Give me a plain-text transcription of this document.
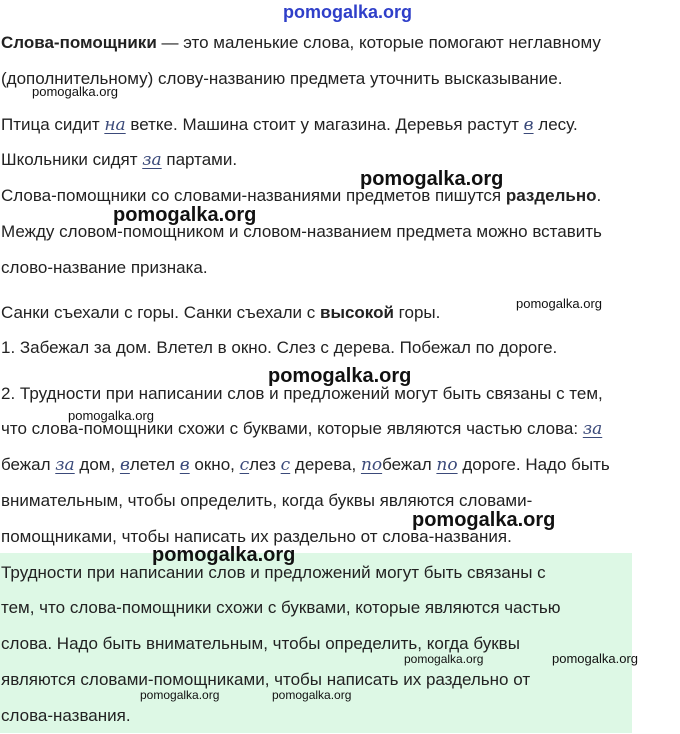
Слова-помощники — это маленькие слова, которые помогают неглавному

(дополнительному) слову-названию предмета уточнить высказывание.

Птица сидит на ветке. Машина стоит у магазина. Деревья растут в лесу.

Школьники сидят за партами.

Слова-помощники со словами-названиями предметов пишутся раздельно.

Между словом-помощником и словом-названием предмета можно вставить

слово-название признака.

Санки съехали с горы. Санки съехали с высокой горы.

1. Забежал за дом. Влетел в окно. Слез с дерева. Побежал по дороге.

2. Трудности при написании слов и предложений могут быть связаны с тем,

что слова-помощники схожи с буквами, которые являются частью слова: за

бежал за дом, влетел в окно, слез с дерева, побежал по дороге. Надо быть

внимательным, чтобы определить, когда буквы являются словами-

помощниками, чтобы написать их раздельно от слова-названия.

Трудности при написании слов и предложений могут быть связаны с

тем, что слова-помощники схожи с буквами, которые являются частью

слова. Надо быть внимательным, чтобы определить, когда буквы

являются словами-помощниками, чтобы написать их раздельно от

слова-названия.

pomogalka.org
pomogalka.org
pomogalka.org
pomogalka.org
pomogalka.org
pomogalka.org
pomogalka.org
pomogalka.org
pomogalka.org
pomogalka.org	pomogalka.org
pomogalka.org	pomogalka.org
